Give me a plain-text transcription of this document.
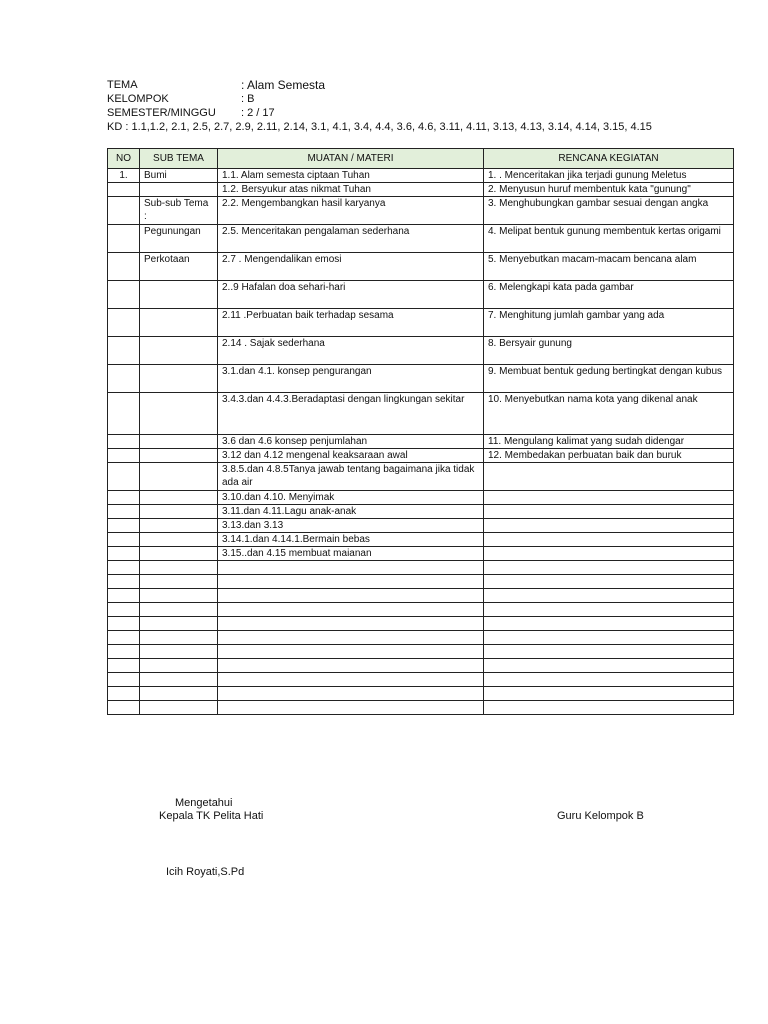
TEMA	: Alam Semesta
KELOMPOK	: B
SEMESTER/MINGGU	: 2 / 17
KD : 1.1,1.2, 2.1, 2.5, 2.7, 2.9, 2.11, 2.14, 3.1, 4.1, 3.4, 4.4, 3.6, 4.6, 3.11, 4.11, 3.13, 4.13, 3.14, 4.14, 3.15, 4.15
NO	SUB TEMA	MUATAN / MATERI	RENCANA KEGIATAN
1.	Bumi	1.1. Alam semesta ciptaan Tuhan	1. . Menceritakan jika terjadi gunung Meletus
		1.2. Bersyukur atas nikmat Tuhan	2. Menyusun huruf membentuk kata "gunung"
	Sub-sub Tema :	2.2. Mengembangkan hasil karyanya	3. Menghubungkan gambar sesuai dengan angka
	Pegunungan	2.5. Menceritakan pengalaman sederhana	4. Melipat bentuk gunung membentuk kertas origami
	Perkotaan	2.7 . Mengendalikan emosi	5. Menyebutkan macam-macam bencana alam
		2..9 Hafalan doa sehari-hari	6. Melengkapi kata pada gambar
		2.11 .Perbuatan baik terhadap sesama	7. Menghitung jumlah gambar yang ada
		2.14 . Sajak sederhana	8. Bersyair gunung
		3.1.dan 4.1. konsep pengurangan	9. Membuat bentuk gedung bertingkat dengan kubus
		3.4.3.dan 4.4.3.Beradaptasi dengan lingkungan sekitar	10. Menyebutkan nama kota yang dikenal anak
		3.6 dan 4.6 konsep penjumlahan	11. Mengulang kalimat yang sudah didengar
		3.12 dan 4.12 mengenal keaksaraan awal	12. Membedakan perbuatan baik dan buruk
		3.8.5.dan 4.8.5Tanya jawab tentang bagaimana jika tidak ada air	
		3.10.dan 4.10. Menyimak	
		3.11.dan 4.11.Lagu anak-anak	
		3.13.dan 3.13	
		3.14.1.dan 4.14.1.Bermain bebas	
		3.15..dan 4.15 membuat maianan	

Mengetahui
Kepala TK Pelita Hati	Guru Kelompok B
Icih Royati,S.Pd
